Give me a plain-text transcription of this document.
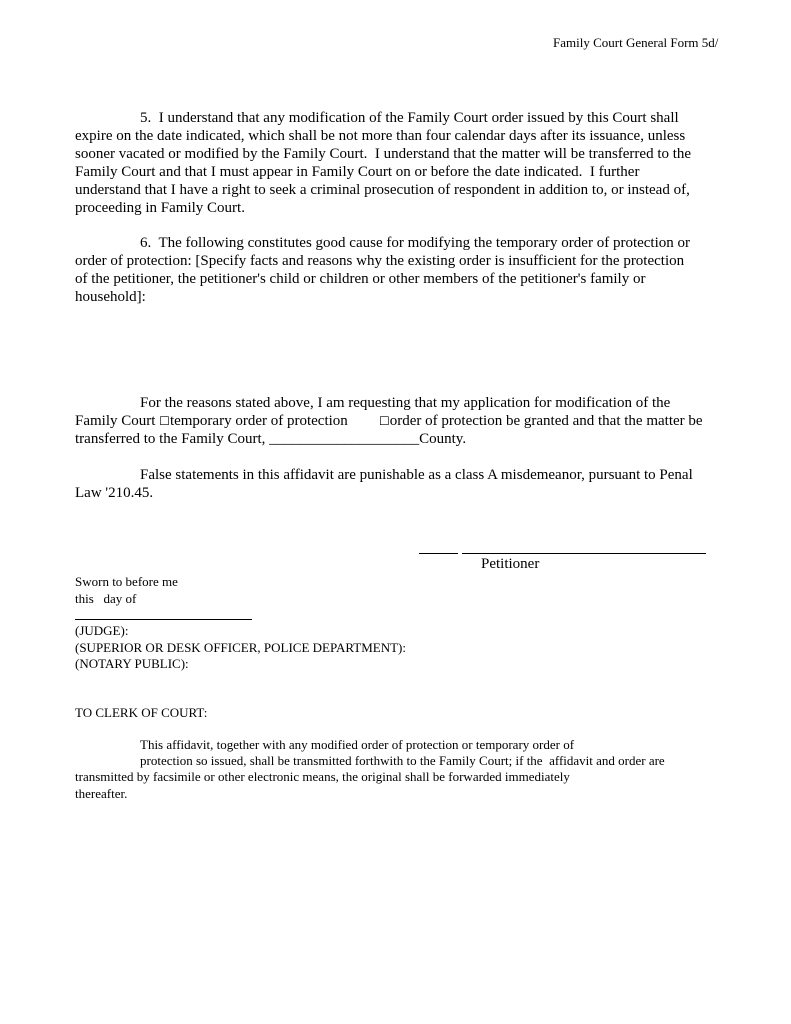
Family Court General Form 5d/
5.  I understand that any modification of the Family Court order issued by this Court shall
expire on the date indicated, which shall be not more than four calendar days after its issuance, unless
sooner vacated or modified by the Family Court.  I understand that the matter will be transferred to the
Family Court and that I must appear in Family Court on or before the date indicated.  I further
understand that I have a right to seek a criminal prosecution of respondent in addition to, or instead of,
proceeding in Family Court.
6.  The following constitutes good cause for modifying the temporary order of protection or
order of protection: [Specify facts and reasons why the existing order is insufficient for the protection
of the petitioner, the petitioner's child or children or other members of the petitioner's family or
household]:
For the reasons stated above, I am requesting that my application for modification of the
Family Court ☐temporary order of protection	☐order of protection be granted and that the matter be
transferred to the Family Court, ____________________County.
False statements in this affidavit are punishable as a class A misdemeanor, pursuant to Penal
Law '210.45.
Petitioner
Sworn to before me
this   day of
(JUDGE):
(SUPERIOR OR DESK OFFICER, POLICE DEPARTMENT):
(NOTARY PUBLIC):
TO CLERK OF COURT:
This affidavit, together with any modified order of protection or temporary order of
protection so issued, shall be transmitted forthwith to the Family Court; if the  affidavit and order are
transmitted by facsimile or other electronic means, the original shall be forwarded immediately
thereafter.
